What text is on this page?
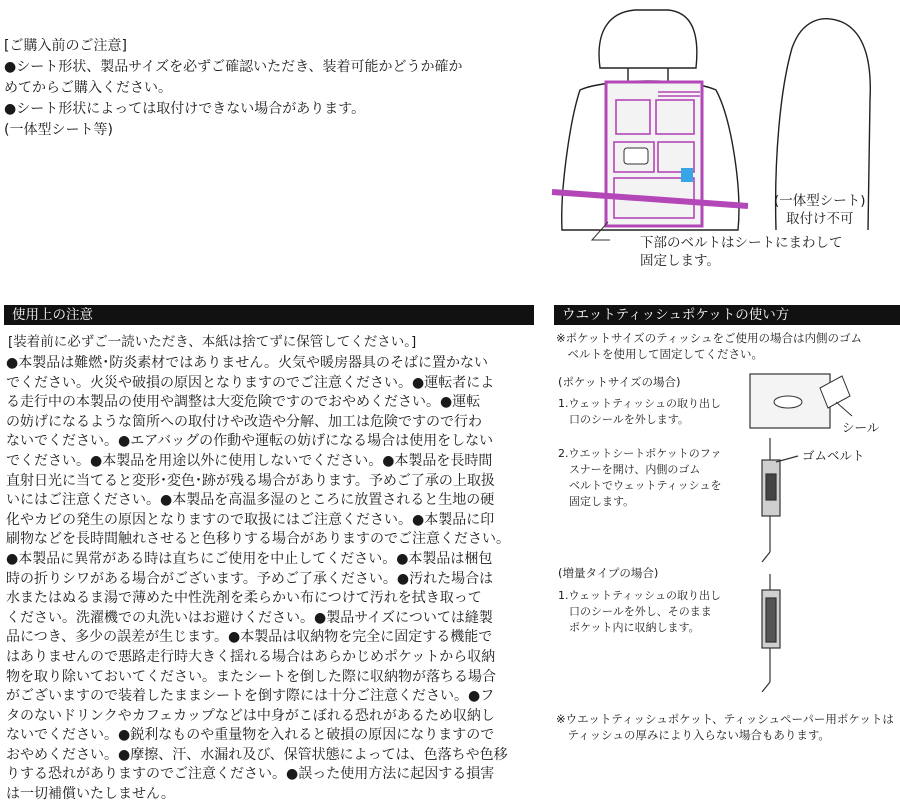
[ご購入前のご注意]
●シート形状、製品サイズを必ずご確認いただき、装着可能かどうか確か
めてからご購入ください。
●シート形状によっては取付けできない場合があります。
(一体型シート等)
下部のベルトはシートにまわして
固定します。
(一体型シート)
取付け不可
使用上の注意
[装着前に必ずご一読いただき、本紙は捨てずに保管してください。]
●本製品は難燃･防炎素材ではありません。火気や暖房器具のそばに置かない
でください。火災や破損の原因となりますのでご注意ください。●運転者によ
る走行中の本製品の使用や調整は大変危険ですのでおやめください。●運転
の妨げになるような箇所への取付けや改造や分解、加工は危険ですので行わ
ないでください。●エアバッグの作動や運転の妨げになる場合は使用をしない
でください。●本製品を用途以外に使用しないでください。●本製品を長時間
直射日光に当てると変形･変色･跡が残る場合があります。予めご了承の上取扱
いにはご注意ください。●本製品を高温多湿のところに放置されると生地の硬
化やカビの発生の原因となりますので取扱にはご注意ください。●本製品に印
刷物などを長時間触れさせると色移りする場合がありますのでご注意ください。
●本製品に異常がある時は直ちにご使用を中止してください。●本製品は梱包
時の折りシワがある場合がございます。予めご了承ください。●汚れた場合は
水またはぬるま湯で薄めた中性洗剤を柔らかい布につけて汚れを拭き取って
ください。洗濯機での丸洗いはお避けください。●製品サイズについては縫製
品につき、多少の誤差が生じます。●本製品は収納物を完全に固定する機能で
はありませんので悪路走行時大きく揺れる場合はあらかじめポケットから収納
物を取り除いておいてください。またシートを倒した際に収納物が落ちる場合
がございますので装着したままシートを倒す際には十分ご注意ください。●フ
タのないドリンクやカフェカップなどは中身がこぼれる恐れがあるため収納し
ないでください。●鋭利なものや重量物を入れると破損の原因になりますので
おやめください。●摩擦、汗、水漏れ及び、保管状態によっては、色落ちや色移
りする恐れがありますのでご注意ください。●誤った使用方法に起因する損害
は一切補償いたしません。
ウエットティッシュポケットの使い方
※ポケットサイズのティッシュをご使用の場合は内側のゴム
　ベルトを使用して固定してください。
(ポケットサイズの場合)
1.ウェットティッシュの取り出し
　口のシールを外します。
2.ウエットシートポケットのファ
　スナーを開け、内側のゴム
　ベルトでウェットティッシュを
　固定します。
(増量タイプの場合)
1.ウェットティッシュの取り出し
　口のシールを外し、そのまま
　ポケット内に収納します。
シール
ゴムベルト
※ウエットティッシュポケット、ティッシュペーパー用ポケットは
　ティッシュの厚みにより入らない場合もあります。
